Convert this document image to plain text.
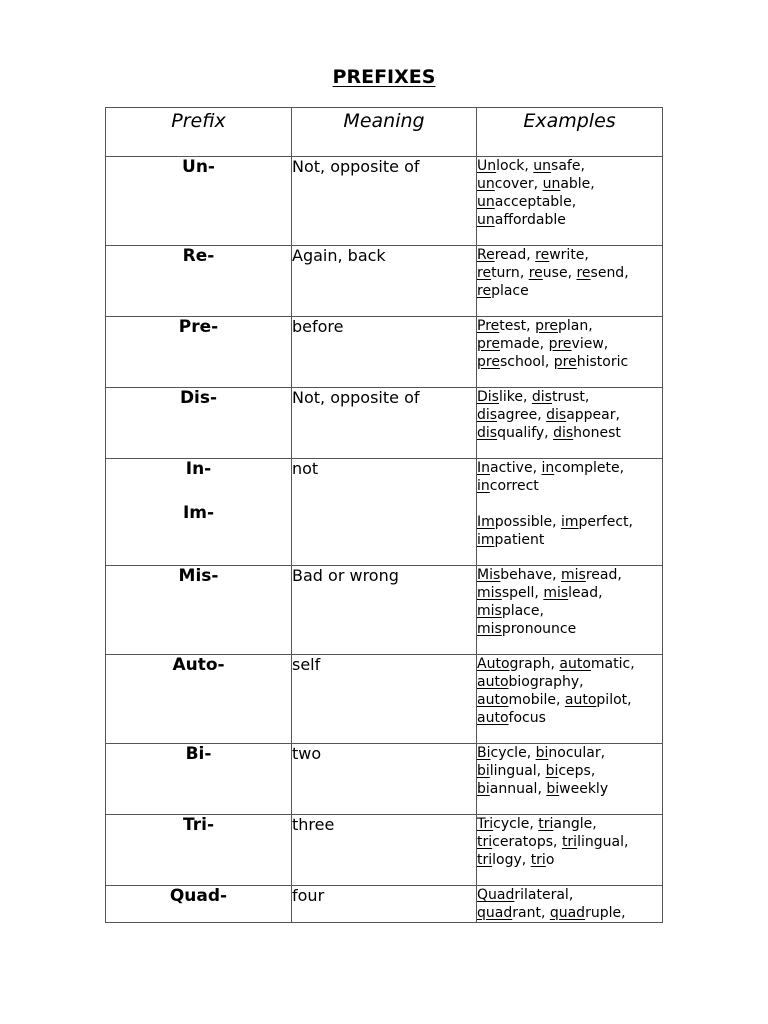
PREFIXES
Prefix	Meaning	Examples

Un-	Not, opposite of	Unlock, unsafe,
uncover, unable,
unacceptable, unaffordable

Re-	Again, back	Reread, rewrite,
return, reuse, resend,
replace

Pre-	before	Pretest, preplan,
premade, preview,
preschool, prehistoric

Dis-	Not, opposite of	Dislike, distrust,
disagree, disappear,
disqualify, dishonest

In-
Im-	not	Inactive, incomplete,
incorrect
Impossible, imperfect,
impatient

Mis-	Bad or wrong	Misbehave, misread,
misspell, mislead,
misplace,
mispronounce

Auto-	self	Autograph, automatic,
autobiography,
automobile, autopilot,
autofocus

Bi-	two	Bicycle, binocular,
bilingual, biceps,
biannual, biweekly

Tri-	three	Tricycle, triangle,
triceratops, trilingual,
trilogy, trio

Quad-	four	Quadrilateral,
quadrant, quadruple,
